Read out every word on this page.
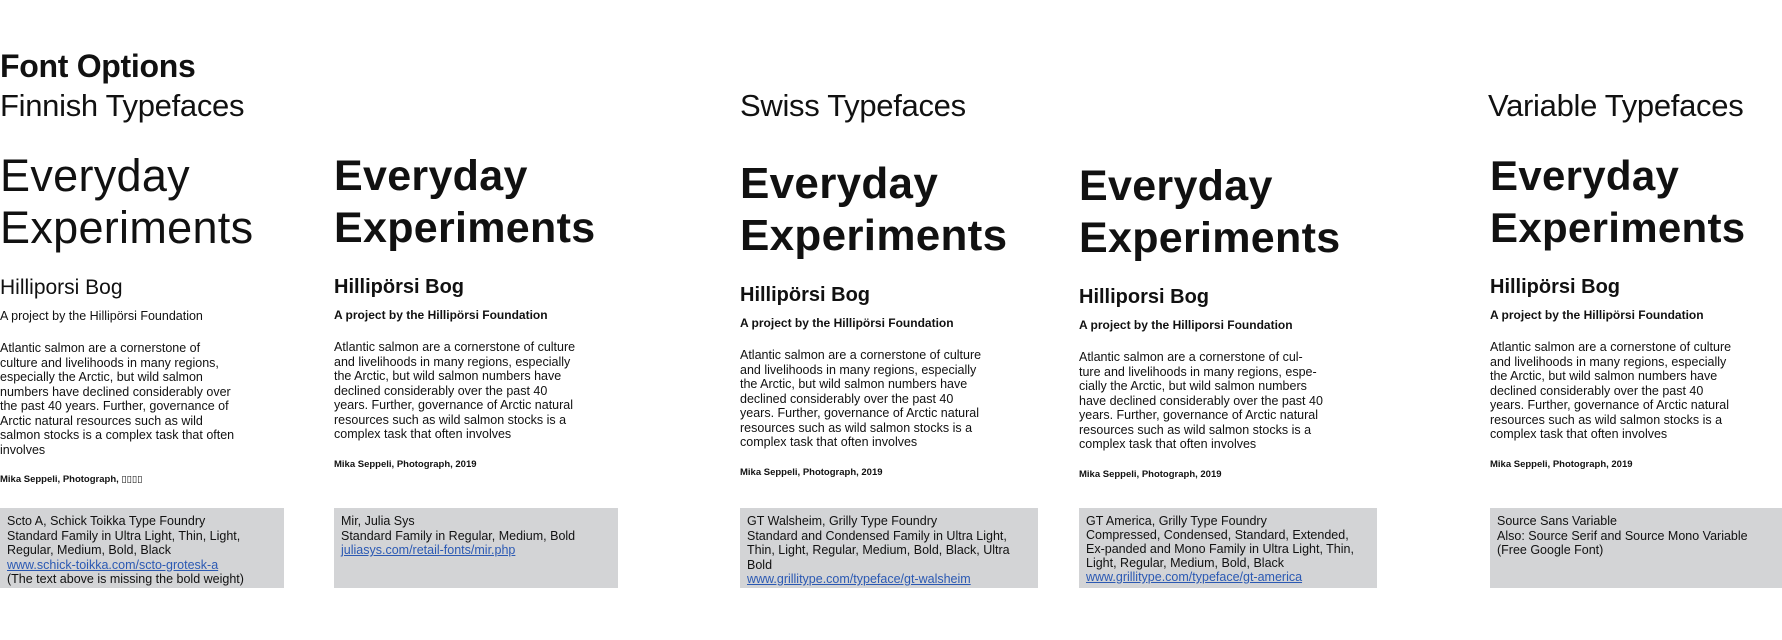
Font Options
Finnish Typefaces	Swiss Typefaces	Variable Typefaces
Everyday
Experiments
Hilliporsi Bog
A project by the Hillipörsi Foundation

Atlantic salmon are a cornerstone of culture and livelihoods in many regions, especially the Arctic, but wild salmon numbers have declined considerably over the past 40 years. Further, governance of Arctic natural resources such as wild salmon stocks is a complex task that often involves

Mika Seppeli, Photograph, ▯▯▯▯
Everyday
Experiments
Hillipörsi Bog
A project by the Hillipörsi Foundation

Atlantic salmon are a cornerstone of culture and livelihoods in many regions, especially the Arctic, but wild salmon numbers have declined considerably over the past 40 years. Further, governance of Arctic natural resources such as wild salmon stocks is a complex task that often involves

Mika Seppeli, Photograph, 2019
Everyday
Experiments
Hillipörsi Bog
A project by the Hillipörsi Foundation

Atlantic salmon are a cornerstone of culture and livelihoods in many regions, especially the Arctic, but wild salmon numbers have declined considerably over the past 40 years. Further, governance of Arctic natural resources such as wild salmon stocks is a complex task that often involves

Mika Seppeli, Photograph, 2019
Everyday
Experiments
Hilliporsi Bog
A project by the Hilliporsi Foundation

Atlantic salmon are a cornerstone of cul-ture and livelihoods in many regions, espe-cially the Arctic, but wild salmon numbers have declined considerably over the past 40 years. Further, governance of Arctic natural resources such as wild salmon stocks is a complex task that often involves

Mika Seppeli, Photograph, 2019
Everyday
Experiments
Hillipörsi Bog
A project by the Hillipörsi Foundation

Atlantic salmon are a cornerstone of culture and livelihoods in many regions, especially the Arctic, but wild salmon numbers have declined considerably over the past 40 years. Further, governance of Arctic natural resources such as wild salmon stocks is a complex task that often involves

Mika Seppeli, Photograph, 2019
Scto A, Schick Toikka Type Foundry
Standard Family in Ultra Light, Thin, Light, Regular, Medium, Bold, Black
www.schick-toikka.com/scto-grotesk-a
(The text above is missing the bold weight)
Mir, Julia Sys
Standard Family in Regular, Medium, Bold
juliasys.com/retail-fonts/mir.php
GT Walsheim, Grilly Type Foundry
Standard and Condensed Family in Ultra Light, Thin, Light, Regular, Medium, Bold, Black, Ultra Bold
www.grillitype.com/typeface/gt-walsheim
GT America, Grilly Type Foundry
Compressed, Condensed, Standard, Extended, Ex-panded and Mono Family in Ultra Light, Thin, Light, Regular, Medium, Bold, Black
www.grillitype.com/typeface/gt-america
Source Sans Variable
Also: Source Serif and Source Mono Variable
(Free Google Font)
